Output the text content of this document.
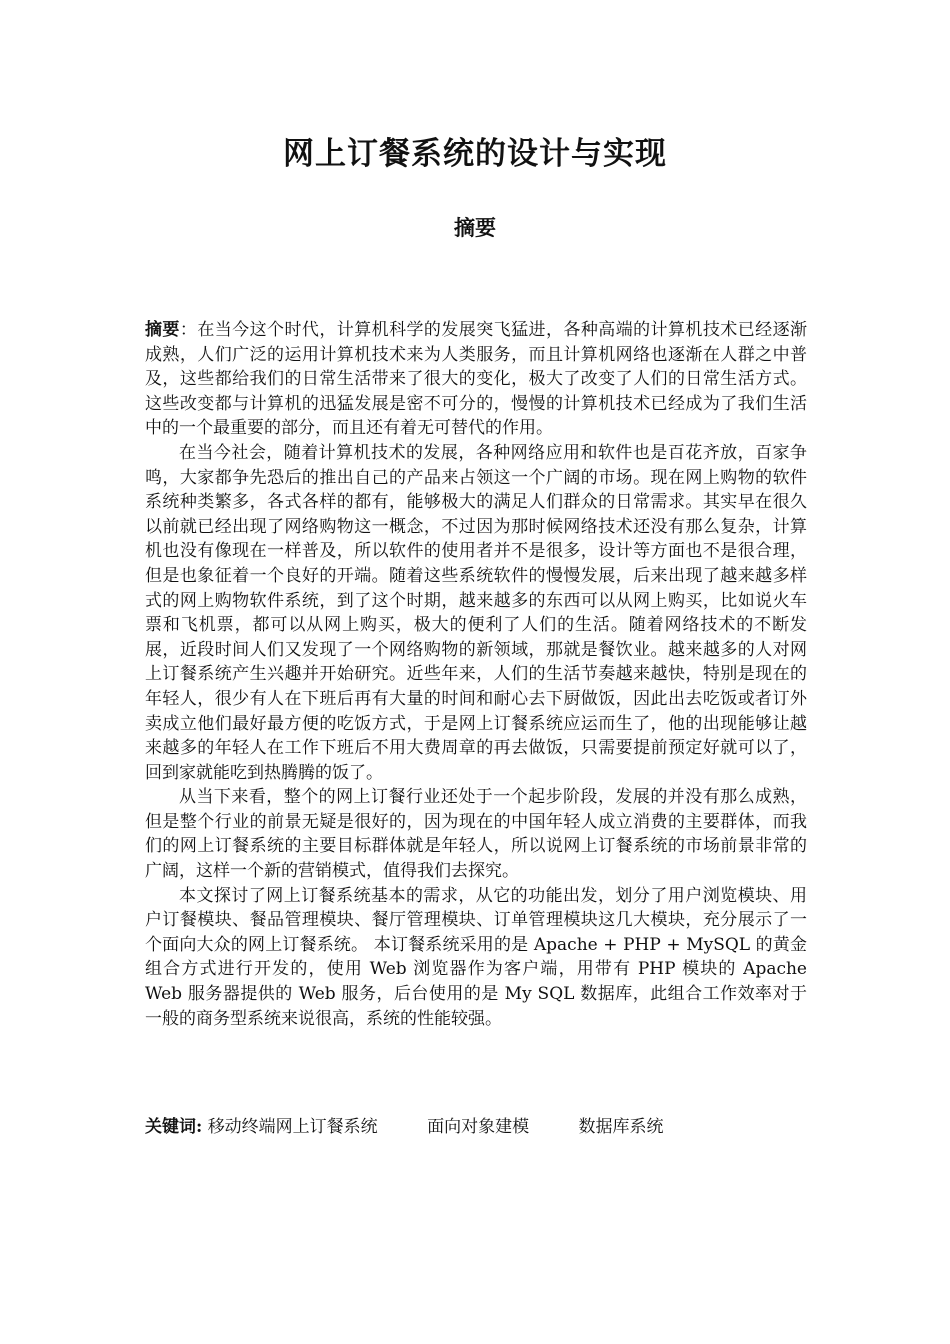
网上订餐系统的设计与实现
摘要

摘要：在当今这个时代，计算机科学的发展突飞猛进，各种高端的计算机技术已经逐渐成熟，人们广泛的运用计算机技术来为人类服务，而且计算机网络也逐渐在人群之中普及，这些都给我们的日常生活带来了很大的变化，极大了改变了人们的日常生活方式。这些改变都与计算机的迅猛发展是密不可分的，慢慢的计算机技术已经成为了我们生活中的一个最重要的部分，而且还有着无可替代的作用。

在当今社会，随着计算机技术的发展，各种网络应用和软件也是百花齐放，百家争鸣，大家都争先恐后的推出自己的产品来占领这一个广阔的市场。现在网上购物的软件系统种类繁多，各式各样的都有，能够极大的满足人们群众的日常需求。其实早在很久以前就已经出现了网络购物这一概念，不过因为那时候网络技术还没有那么复杂，计算机也没有像现在一样普及，所以软件的使用者并不是很多，设计等方面也不是很合理，但是也象征着一个良好的开端。随着这些系统软件的慢慢发展，后来出现了越来越多样式的网上购物软件系统，到了这个时期，越来越多的东西可以从网上购买，比如说火车票和飞机票，都可以从网上购买，极大的便利了人们的生活。随着网络技术的不断发展，近段时间人们又发现了一个网络购物的新领域，那就是餐饮业。越来越多的人对网上订餐系统产生兴趣并开始研究。近些年来，人们的生活节奏越来越快，特别是现在的年轻人，很少有人在下班后再有大量的时间和耐心去下厨做饭，因此出去吃饭或者订外卖成立他们最好最方便的吃饭方式，于是网上订餐系统应运而生了，他的出现能够让越来越多的年轻人在工作下班后不用大费周章的再去做饭，只需要提前预定好就可以了，回到家就能吃到热腾腾的饭了。

从当下来看，整个的网上订餐行业还处于一个起步阶段，发展的并没有那么成熟，但是整个行业的前景无疑是很好的，因为现在的中国年轻人成立消费的主要群体，而我们的网上订餐系统的主要目标群体就是年轻人，所以说网上订餐系统的市场前景非常的广阔，这样一个新的营销模式，值得我们去探究。

本文探讨了网上订餐系统基本的需求，从它的功能出发，划分了用户浏览模块、用户订餐模块、餐品管理模块、餐厅管理模块、订单管理模块这几大模块，充分展示了一个面向大众的网上订餐系统。 本订餐系统采用的是 Apache + PHP + MySQL 的黄金组合方式进行开发的，使用 Web 浏览器作为客户端，用带有 PHP 模块的 Apache Web 服务器提供的 Web 服务，后台使用的是 My SQL 数据库，此组合工作效率对于一般的商务型系统来说很高，系统的性能较强。

关键词: 移动终端网上订餐系统	面向对象建模	数据库系统
